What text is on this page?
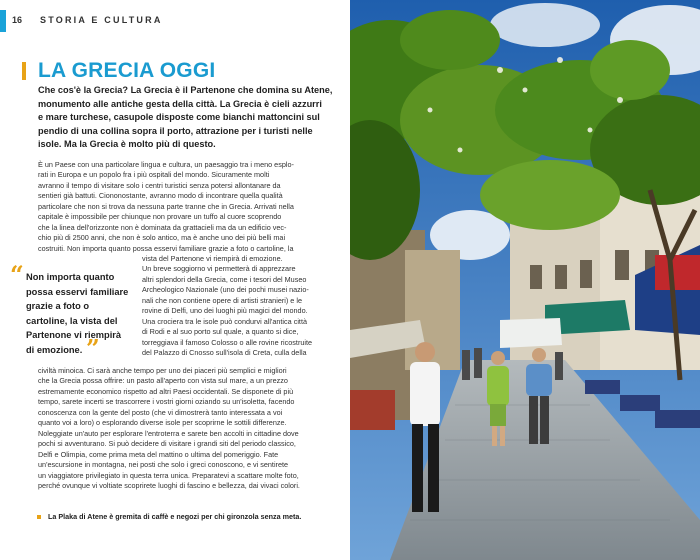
16 STORIA E CULTURA
LA GRECIA OGGI
Che cos'è la Grecia? La Grecia è il Partenone che domina su Atene,
monumento alle antiche gesta della città. La Grecia è cieli azzurri
e mare turchese, casupole disposte come bianchi mattoncini sul
pendio di una collina sopra il porto, attrazione per i turisti nelle
isole. Ma la Grecia è molto più di questo.
È un Paese con una particolare lingua e cultura, un paesaggio tra i meno esplo-
rati in Europa e un popolo fra i più ospitali del mondo. Sicuramente molti
avranno il tempo di visitare solo i centri turistici senza potersi allontanare da
sentieri già battuti. Ciononostante, avranno modo di incontrare quella qualità
particolare che non si trova da nessuna parte tranne che in Grecia. Arrivati nella
capitale è impossibile per chiunque non provare un tuffo al cuore scoprendo
che la linea dell'orizzonte non è dominata da grattacieli ma da un edificio vec-
chio più di 2500 anni, che non è solo antico, ma è anche uno dei più belli mai
costruiti. Non importa quanto possa esservi familiare grazie a foto o cartoline, la
“ Non importa quanto
possa esservi familiare
grazie a foto o
cartoline, la vista del
Partenone vi riempirà
di emozione. ”
vista del Partenone vi riempirà di emozione.
Un breve soggiorno vi permetterà di apprezzare
altri splendori della Grecia, come i tesori del Museo
Archeologico Nazionale (uno dei pochi musei nazio-
nali che non contiene opere di artisti stranieri) e le
rovine di Delfi, uno dei luoghi più magici del mondo.
Una crociera tra le isole può condurvi all'antica città
di Rodi e al suo porto sul quale, a quanto si dice,
torreggiava il famoso Colosso o alle rovine ricostruite
del Palazzo di Cnosso sull'isola di Creta, culla della
civiltà minoica. Ci sarà anche tempo per uno dei piaceri più semplici e migliori
che la Grecia possa offrire: un pasto all'aperto con vista sul mare, a un prezzo
estremamente economico rispetto ad altri Paesi occidentali. Se disponete di più
tempo, sarete incerti se trascorrere i vostri giorni oziando su un'isoletta, facendo
conoscenza con la gente del posto (che vi dimostrerà tanto interessata a voi
quanto voi a loro) o esplorando diverse isole per scoprirne le sottili differenze.
Noleggiate un'auto per esplorare l'entroterra e sarete ben accolti in cittadine dove
pochi si avventurano. Si può decidere di visitare i grandi siti del periodo classico,
Delfi e Olimpia, come prima meta del mattino o ultima del pomeriggio. Fate
un'escursione in montagna, nei posti che solo i greci conoscono, e vi sentirete
un viaggiatore privilegiato in questa terra unica. Preparatevi a scattare molte foto,
perché ovunque vi voltiate scoprirete luoghi di fascino e bellezza, dai vivaci colori.
La Plaka di Atene è gremita di caffè e negozi per chi gironzola senza meta.
